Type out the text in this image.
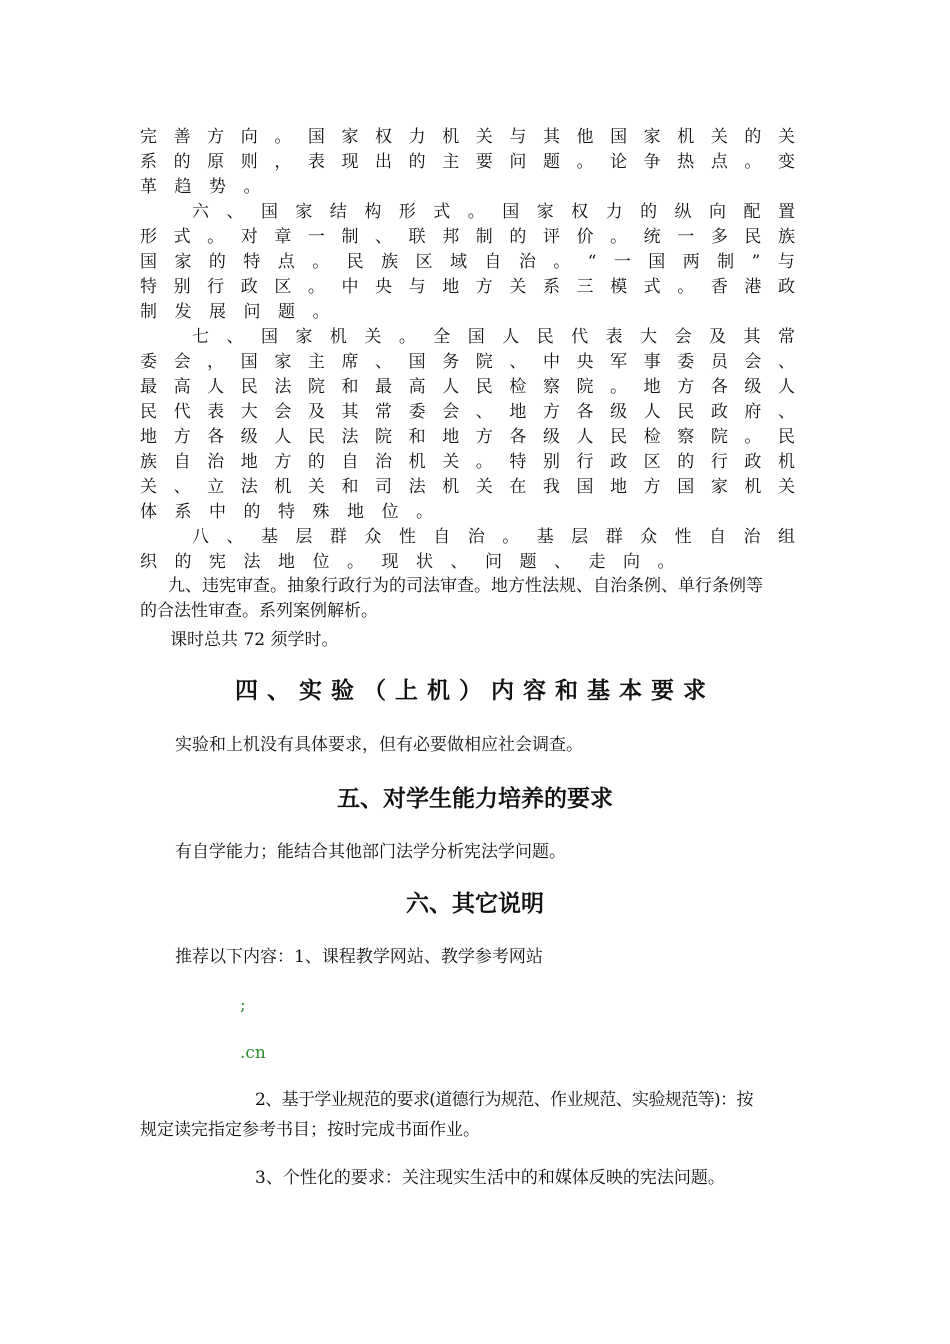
完 善 方 向 。 国 家 权 力 机 关 与 其 他 国 家 机 关 的 关
系 的 原 则 ， 表 现 出 的 主 要 问 题 。 论 争 热 点 。 变
革趋势。
六 、 国 家 结 构 形 式 。 国 家 权 力 的 纵 向 配 置
形 式 。 对 章 一 制 、 联 邦 制 的 评 价 。 统 一 多 民 族
国 家 的 特 点 。 民 族 区 域 自 治 。 “ 一 国 两 制 ” 与
特 别 行 政 区 。 中 央 与 地 方 关 系 三 模 式 。 香 港 政
制发展问题。
七 、 国 家 机 关 。 全 国 人 民 代 表 大 会 及 其 常
委 会 ， 国 家 主 席 、 国 务 院 、 中 央 军 事 委 员 会 、
最 高 人 民 法 院 和 最 高 人 民 检 察 院 。 地 方 各 级 人
民 代 表 大 会 及 其 常 委 会 、 地 方 各 级 人 民 政 府 、
地 方 各 级 人 民 法 院 和 地 方 各 级 人 民 检 察 院 。 民
族 自 治 地 方 的 自 治 机 关 。 特 别 行 政 区 的 行 政 机
关 、 立 法 机 关 和 司 法 机 关 在 我 国 地 方 国 家 机 关
体系中的特殊地位。
八 、 基 层 群 众 性 自 治 。 基 层 群 众 性 自 治 组
织的宪法地位。现状、问题、走向。
九、违宪审查。抽象行政行为的司法审查。地方性法规、自治条例、单行条例等
的合法性审查。系列案例解析。
课时总共 72 须学时。
四、实验（上机）内容和基本要求
实验和上机没有具体要求，但有必要做相应社会调查。
五、对学生能力培养的要求
有自学能力；能结合其他部门法学分析宪法学问题。
六、其它说明
推荐以下内容：1、课程教学网站、教学参考网站
;
.cn
2、基于学业规范的要求(道德行为规范、作业规范、实验规范等)：按
规定读完指定参考书目；按时完成书面作业。
3、个性化的要求：关注现实生活中的和媒体反映的宪法问题。
